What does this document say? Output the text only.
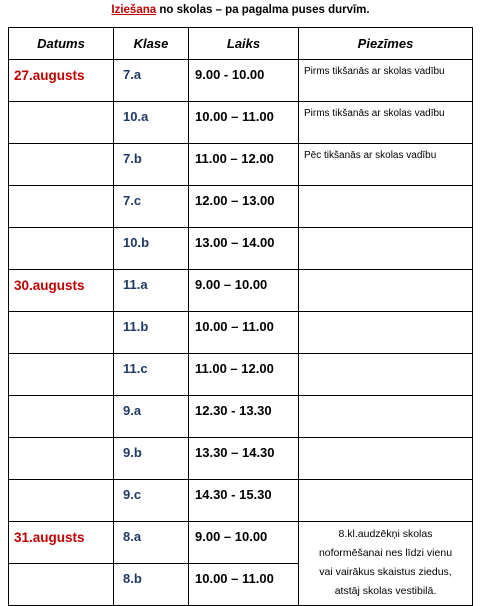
Iziešana no skolas – pa pagalma puses durvīm.
Datums	Klase	Laiks	Piezīmes
27.augusts	7.a	9.00 - 10.00	Pirms tikšanās ar skolas vadību
	10.a	10.00 – 11.00	Pirms tikšanās ar skolas vadību
	7.b	11.00 – 12.00	Pēc tikšanās ar skolas vadību
	7.c	12.00 – 13.00	
	10.b	13.00 – 14.00	
30.augusts	11.a	9.00 – 10.00	
	11.b	10.00 – 11.00	
	11.c	11.00 – 12.00	
	9.a	12.30 - 13.30	
	9.b	13.30 – 14.30	
	9.c	14.30 - 15.30	
31.augusts	8.a	9.00 – 10.00	8.kl.audzēkņi skolas
noformēšanai nes līdzi vienu
vai vairākus skaistus ziedus,
atstāj skolas vestibilā.
	8.b	10.00 – 11.00	
